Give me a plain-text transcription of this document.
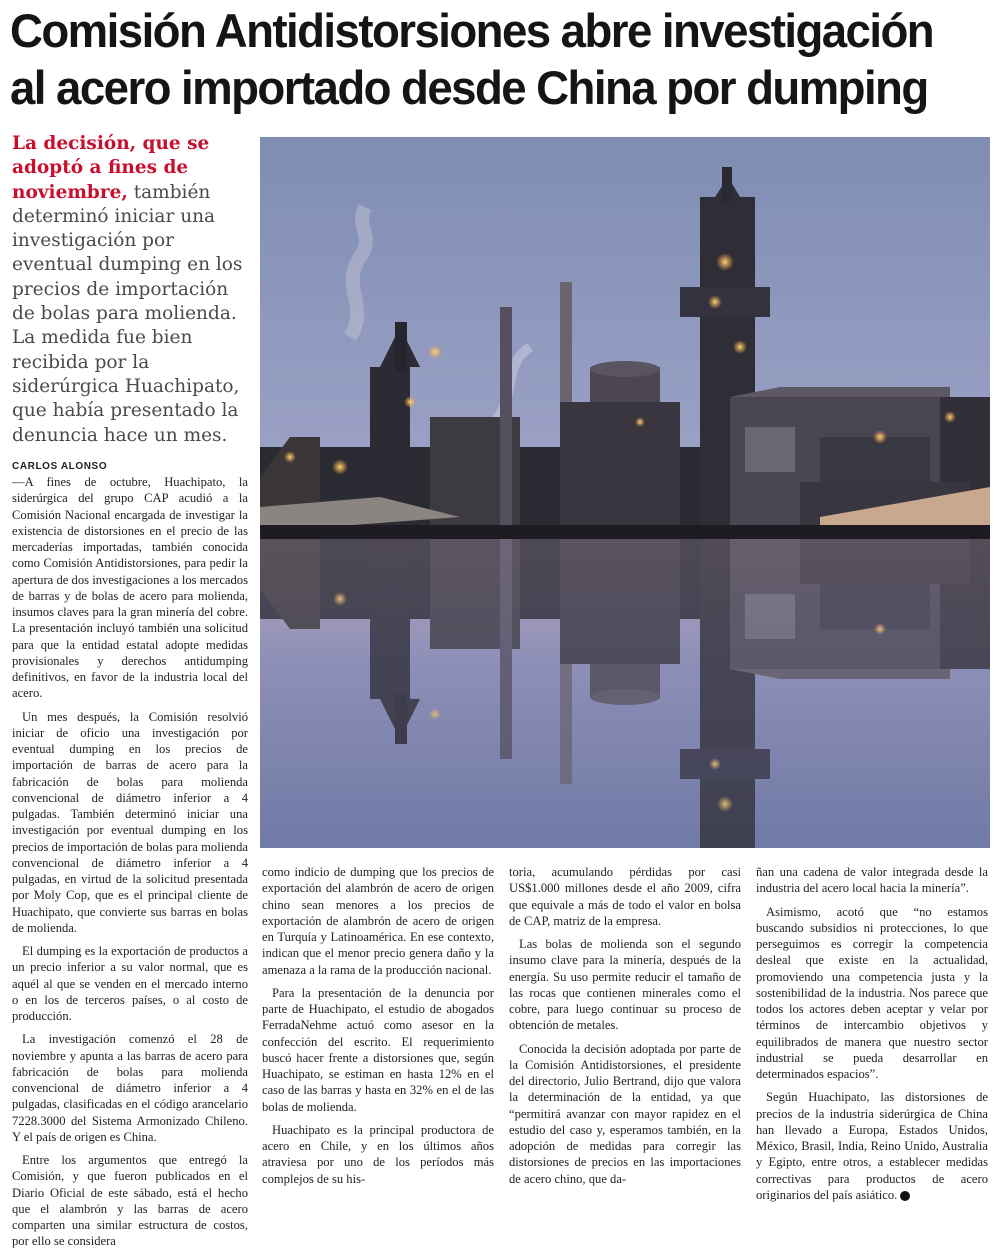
Comisión Antidistorsiones abre investigación
al acero importado desde China por dumping
La decisión, que se adoptó a fines de noviembre, también determinó iniciar una investigación por eventual dumping en los precios de importación de bolas para molienda. La medida fue bien recibida por la siderúrgica Huachipato, que había presentado la denuncia hace un mes.
CARLOS ALONSO

—A fines de octubre, Huachipato, la siderúrgica del grupo CAP acudió a la Comisión Nacional encargada de investigar la existencia de distorsiones en el precio de las mercaderías importadas, también conocida como Comisión Antidistorsiones, para pedir la apertura de dos investigaciones a los mercados de barras y de bolas de acero para molienda, insumos claves para la gran minería del cobre. La presentación incluyó también una solicitud para que la entidad estatal adopte medidas provisionales y derechos antidumping definitivos, en favor de la industria local del acero.

Un mes después, la Comisión resolvió iniciar de oficio una investigación por eventual dumping en los precios de importación de barras de acero para la fabricación de bolas para molienda convencional de diámetro inferior a 4 pulgadas. También determinó iniciar una investigación por eventual dumping en los precios de importación de bolas para molienda convencional de diámetro inferior a 4 pulgadas, en virtud de la solicitud presentada por Moly Cop, que es el principal cliente de Huachipato, que convierte sus barras en bolas de molienda.

El dumping es la exportación de productos a un precio inferior a su valor normal, que es aquél al que se venden en el mercado interno o en los de terceros países, o al costo de producción.

La investigación comenzó el 28 de noviembre y apunta a las barras de acero para fabricación de bolas para molienda convencional de diámetro inferior a 4 pulgadas, clasificadas en el código arancelario 7228.3000 del Sistema Armonizado Chileno. Y el país de origen es China.

Entre los argumentos que entregó la Comisión, y que fueron publicados en el Diario Oficial de este sábado, está el hecho que el alambrón y las barras de acero comparten una similar estructura de costos, por ello se considera

como indicio de dumping que los precios de exportación del alambrón de acero de origen chino sean menores a los precios de exportación de alambrón de acero de origen en Turquía y Latinoamérica. En ese contexto, indican que el menor precio genera daño y la amenaza a la rama de la producción nacional.

Para la presentación de la denuncia por parte de Huachipato, el estudio de abogados FerradaNehme actuó como asesor en la confección del escrito. El requerimiento buscó hacer frente a distorsiones que, según Huachipato, se estiman en hasta 12% en el caso de las barras y hasta en 32% en el de las bolas de molienda.

Huachipato es la principal productora de acero en Chile, y en los últimos años atraviesa por uno de los períodos más complejos de su his-

toria, acumulando pérdidas por casi US$1.000 millones desde el año 2009, cifra que equivale a más de todo el valor en bolsa de CAP, matriz de la empresa.

Las bolas de molienda son el segundo insumo clave para la minería, después de la energía. Su uso permite reducir el tamaño de las rocas que contienen minerales como el cobre, para luego continuar su proceso de obtención de metales.

Conocida la decisión adoptada por parte de la Comisión Antidistorsiones, el presidente del directorio, Julio Bertrand, dijo que valora la determinación de la entidad, ya que “permitirá avanzar con mayor rapidez en el estudio del caso y, esperamos también, en la adopción de medidas para corregir las distorsiones de precios en las importaciones de acero chino, que da-

ñan una cadena de valor integrada desde la industria del acero local hacia la minería”.

Asimismo, acotó que “no estamos buscando subsidios ni protecciones, lo que perseguimos es corregir la competencia desleal que existe en la actualidad, promoviendo una competencia justa y la sostenibilidad de la industria. Nos parece que todos los actores deben aceptar y velar por términos de intercambio objetivos y equilibrados de manera que nuestro sector industrial se pueda desarrollar en determinados espacios”.

Según Huachipato, las distorsiones de precios de la industria siderúrgica de China han llevado a Europa, Estados Unidos, México, Brasil, India, Reino Unido, Australia y Egipto, entre otros, a establecer medidas correctivas para productos de acero originarios del país asiático. P
